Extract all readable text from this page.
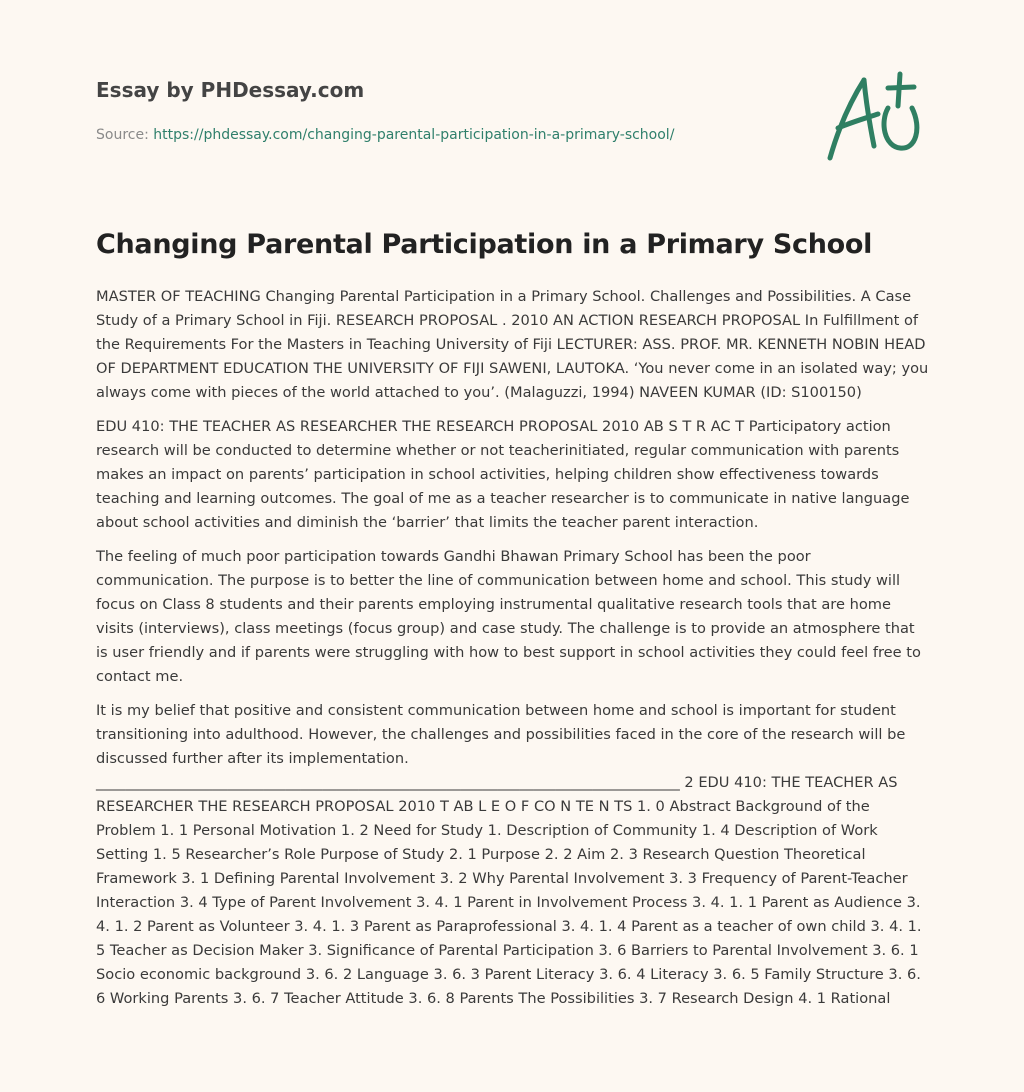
Essay by PHDessay.com
Source: https://phdessay.com/changing-parental-participation-in-a-primary-school/
Changing Parental Participation in a Primary School

MASTER OF TEACHING Changing Parental Participation in a Primary School. Challenges and Possibilities. A Case Study of a Primary School in Fiji. RESEARCH PROPOSAL . 2010 AN ACTION RESEARCH PROPOSAL In Fulfillment of the Requirements For the Masters in Teaching University of Fiji LECTURER: ASS. PROF. MR. KENNETH NOBIN HEAD OF DEPARTMENT EDUCATION THE UNIVERSITY OF FIJI SAWENI, LAUTOKA. ‘You never come in an isolated way; you always come with pieces of the world attached to you’. (Malaguzzi, 1994) NAVEEN KUMAR (ID: S100150)

EDU 410: THE TEACHER AS RESEARCHER THE RESEARCH PROPOSAL 2010 AB S T R AC T Participatory action research will be conducted to determine whether or not teacherinitiated, regular communication with parents makes an impact on parents’ participation in school activities, helping children show effectiveness towards teaching and learning outcomes. The goal of me as a teacher researcher is to communicate in native language about school activities and diminish the ‘barrier’ that limits the teacher parent interaction.

The feeling of much poor participation towards Gandhi Bhawan Primary School has been the poor communication. The purpose is to better the line of communication between home and school. This study will focus on Class 8 students and their parents employing instrumental qualitative research tools that are home visits (interviews), class meetings (focus group) and case study. The challenge is to provide an atmosphere that is user friendly and if parents were struggling with how to best support in school activities they could feel free to contact me.

It is my belief that positive and consistent communication between home and school is important for student transitioning into adulthood. However, the challenges and possibilities faced in the core of the research will be discussed further after its implementation. ________________________________________________________________________________ 2 EDU 410: THE TEACHER AS RESEARCHER THE RESEARCH PROPOSAL 2010 T AB L E O F CO N TE N TS 1. 0 Abstract Background of the Problem 1. 1 Personal Motivation 1. 2 Need for Study 1. Description of Community 1. 4 Description of Work Setting 1. 5 Researcher’s Role Purpose of Study 2. 1 Purpose 2. 2 Aim 2. 3 Research Question Theoretical Framework 3. 1 Defining Parental Involvement 3. 2 Why Parental Involvement 3. 3 Frequency of Parent-Teacher Interaction 3. 4 Type of Parent Involvement 3. 4. 1 Parent in Involvement Process 3. 4. 1. 1 Parent as Audience 3. 4. 1. 2 Parent as Volunteer 3. 4. 1. 3 Parent as Paraprofessional 3. 4. 1. 4 Parent as a teacher of own child 3. 4. 1. 5 Teacher as Decision Maker 3. Significance of Parental Participation 3. 6 Barriers to Parental Involvement 3. 6. 1 Socio economic background 3. 6. 2 Language 3. 6. 3 Parent Literacy 3. 6. 4 Literacy 3. 6. 5 Family Structure 3. 6. 6 Working Parents 3. 6. 7 Teacher Attitude 3. 6. 8 Parents The Possibilities 3. 7 Research Design 4. 1 Rational
